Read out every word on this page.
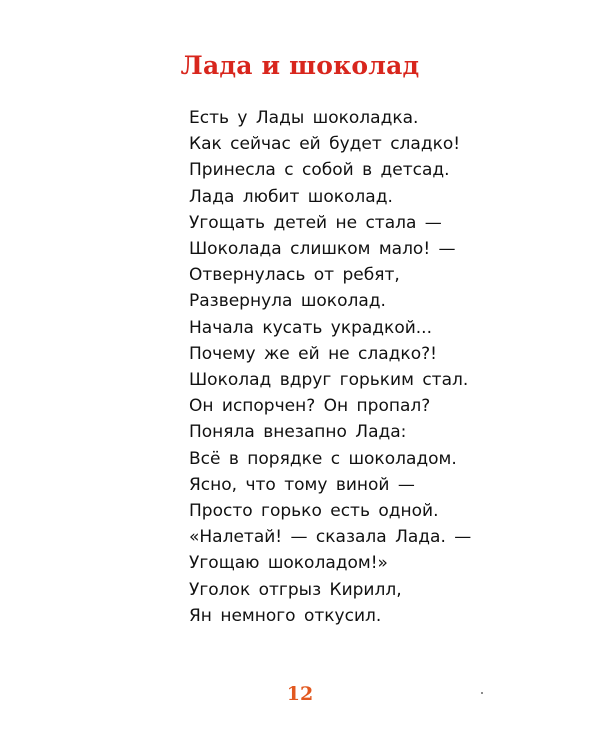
Лада и шоколад
Есть у Лады шоколадка.
Как сейчас ей будет сладко!
Принесла с собой в детсад.
Лада любит шоколад.
Угощать детей не стала —
Шоколада слишком мало! —
Отвернулась от ребят,
Развернула шоколад.
Начала кусать украдкой...
Почему же ей не сладко?!
Шоколад вдруг горьким стал.
Он испорчен? Он пропал?
Поняла внезапно Лада:
Всё в порядке с шоколадом.
Ясно, что тому виной —
Просто горько есть одной.
«Налетай! — сказала Лада. —
Угощаю шоколадом!»
Уголок отгрыз Кирилл,
Ян немного откусил.
12
